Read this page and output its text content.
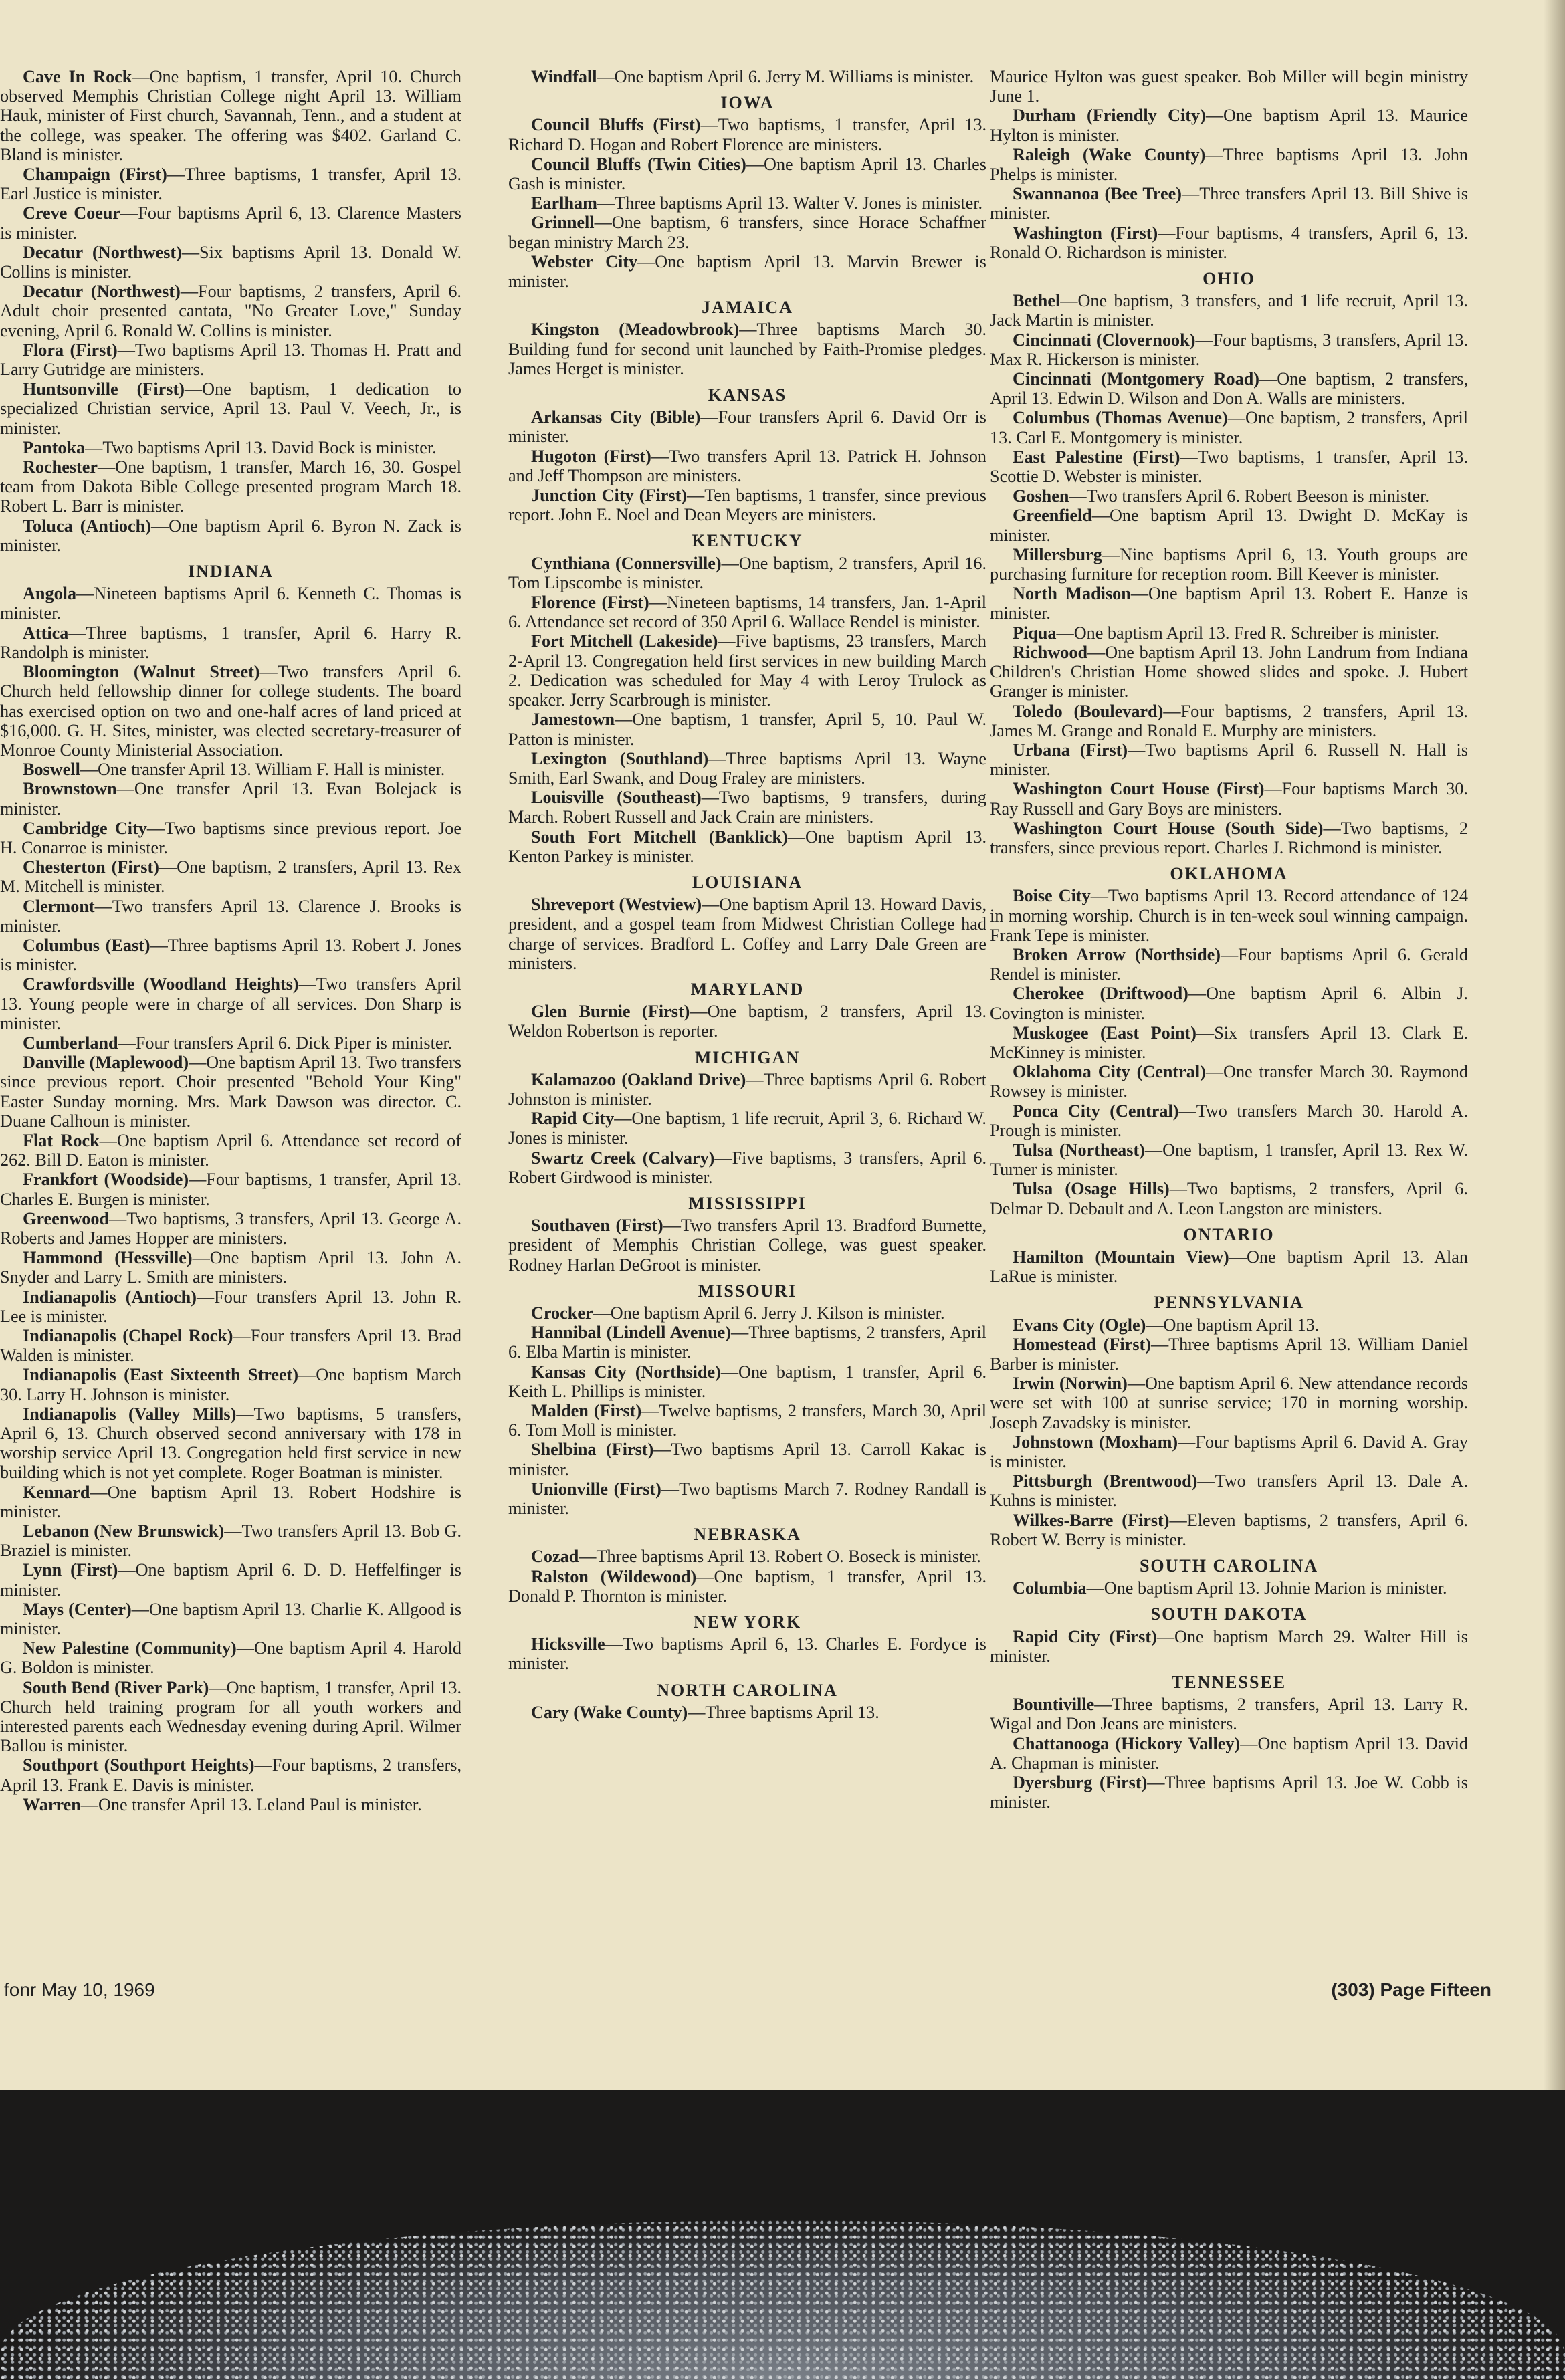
Cave In Rock—One baptism, 1 transfer, April 10. Church observed Memphis Christian College night April 13. William Hauk, minister of First church, Savannah, Tenn., and a student at the college, was speaker. The offering was $402. Garland C. Bland is minister.

Champaign (First)—Three baptisms, 1 transfer, April 13. Earl Justice is minister.

Creve Coeur—Four baptisms April 6, 13. Clarence Masters is minister.

Decatur (Northwest)—Six baptisms April 13. Donald W. Collins is minister.

Decatur (Northwest)—Four baptisms, 2 transfers, April 6. Adult choir presented cantata, "No Greater Love," Sunday evening, April 6. Ronald W. Collins is minister.

Flora (First)—Two baptisms April 13. Thomas H. Pratt and Larry Gutridge are ministers.

Huntsonville (First)—One baptism, 1 dedication to specialized Christian service, April 13. Paul V. Veech, Jr., is minister.

Pantoka—Two baptisms April 13. David Bock is minister.

Rochester—One baptism, 1 transfer, March 16, 30. Gospel team from Dakota Bible College presented program March 18. Robert L. Barr is minister.

Toluca (Antioch)—One baptism April 6. Byron N. Zack is minister.

INDIANA

Angola—Nineteen baptisms April 6. Kenneth C. Thomas is minister.

Attica—Three baptisms, 1 transfer, April 6. Harry R. Randolph is minister.

Bloomington (Walnut Street)—Two transfers April 6. Church held fellowship dinner for college students. The board has exercised option on two and one-half acres of land priced at $16,000. G. H. Sites, minister, was elected secretary-treasurer of Monroe County Ministerial Association.

Boswell—One transfer April 13. William F. Hall is minister.

Brownstown—One transfer April 13. Evan Bolejack is minister.

Cambridge City—Two baptisms since previous report. Joe H. Conarroe is minister.

Chesterton (First)—One baptism, 2 transfers, April 13. Rex M. Mitchell is minister.

Clermont—Two transfers April 13. Clarence J. Brooks is minister.

Columbus (East)—Three baptisms April 13. Robert J. Jones is minister.

Crawfordsville (Woodland Heights)—Two transfers April 13. Young people were in charge of all services. Don Sharp is minister.

Cumberland—Four transfers April 6. Dick Piper is minister.

Danville (Maplewood)—One baptism April 13. Two transfers since previous report. Choir presented "Behold Your King" Easter Sunday morning. Mrs. Mark Dawson was director. C. Duane Calhoun is minister.

Flat Rock—One baptism April 6. Attendance set record of 262. Bill D. Eaton is minister.

Frankfort (Woodside)—Four baptisms, 1 transfer, April 13. Charles E. Burgen is minister.

Greenwood—Two baptisms, 3 transfers, April 13. George A. Roberts and James Hopper are ministers.

Hammond (Hessville)—One baptism April 13. John A. Snyder and Larry L. Smith are ministers.

Indianapolis (Antioch)—Four transfers April 13. John R. Lee is minister.

Indianapolis (Chapel Rock)—Four transfers April 13. Brad Walden is minister.

Indianapolis (East Sixteenth Street)—One baptism March 30. Larry H. Johnson is minister.

Indianapolis (Valley Mills)—Two baptisms, 5 transfers, April 6, 13. Church observed second anniversary with 178 in worship service April 13. Congregation held first service in new building which is not yet complete. Roger Boatman is minister.

Kennard—One baptism April 13. Robert Hodshire is minister.

Lebanon (New Brunswick)—Two transfers April 13. Bob G. Braziel is minister.

Lynn (First)—One baptism April 6. D. D. Heffelfinger is minister.

Mays (Center)—One baptism April 13. Charlie K. Allgood is minister.

New Palestine (Community)—One baptism April 4. Harold G. Boldon is minister.

South Bend (River Park)—One baptism, 1 transfer, April 13. Church held training program for all youth workers and interested parents each Wednesday evening during April. Wilmer Ballou is minister.

Southport (Southport Heights)—Four baptisms, 2 transfers, April 13. Frank E. Davis is minister.

Warren—One transfer April 13. Leland Paul is minister.

Windfall—One baptism April 6. Jerry M. Williams is minister.

IOWA

Council Bluffs (First)—Two baptisms, 1 transfer, April 13. Richard D. Hogan and Robert Florence are ministers.

Council Bluffs (Twin Cities)—One baptism April 13. Charles Gash is minister.

Earlham—Three baptisms April 13. Walter V. Jones is minister.

Grinnell—One baptism, 6 transfers, since Horace Schaffner began ministry March 23.

Webster City—One baptism April 13. Marvin Brewer is minister.

JAMAICA

Kingston (Meadowbrook)—Three baptisms March 30. Building fund for second unit launched by Faith-Promise pledges. James Herget is minister.

KANSAS

Arkansas City (Bible)—Four transfers April 6. David Orr is minister.

Hugoton (First)—Two transfers April 13. Patrick H. Johnson and Jeff Thompson are ministers.

Junction City (First)—Ten baptisms, 1 transfer, since previous report. John E. Noel and Dean Meyers are ministers.

KENTUCKY

Cynthiana (Connersville)—One baptism, 2 transfers, April 16. Tom Lipscombe is minister.

Florence (First)—Nineteen baptisms, 14 transfers, Jan. 1-April 6. Attendance set record of 350 April 6. Wallace Rendel is minister.

Fort Mitchell (Lakeside)—Five baptisms, 23 transfers, March 2-April 13. Congregation held first services in new building March 2. Dedication was scheduled for May 4 with Leroy Trulock as speaker. Jerry Scarbrough is minister.

Jamestown—One baptism, 1 transfer, April 5, 10. Paul W. Patton is minister.

Lexington (Southland)—Three baptisms April 13. Wayne Smith, Earl Swank, and Doug Fraley are ministers.

Louisville (Southeast)—Two baptisms, 9 transfers, during March. Robert Russell and Jack Crain are ministers.

South Fort Mitchell (Banklick)—One baptism April 13. Kenton Parkey is minister.

LOUISIANA

Shreveport (Westview)—One baptism April 13. Howard Davis, president, and a gospel team from Midwest Christian College had charge of services. Bradford L. Coffey and Larry Dale Green are ministers.

MARYLAND

Glen Burnie (First)—One baptism, 2 transfers, April 13. Weldon Robertson is reporter.

MICHIGAN

Kalamazoo (Oakland Drive)—Three baptisms April 6. Robert Johnston is minister.

Rapid City—One baptism, 1 life recruit, April 3, 6. Richard W. Jones is minister.

Swartz Creek (Calvary)—Five baptisms, 3 transfers, April 6. Robert Girdwood is minister.

MISSISSIPPI

Southaven (First)—Two transfers April 13. Bradford Burnette, president of Memphis Christian College, was guest speaker. Rodney Harlan DeGroot is minister.

MISSOURI

Crocker—One baptism April 6. Jerry J. Kilson is minister.

Hannibal (Lindell Avenue)—Three baptisms, 2 transfers, April 6. Elba Martin is minister.

Kansas City (Northside)—One baptism, 1 transfer, April 6. Keith L. Phillips is minister.

Malden (First)—Twelve baptisms, 2 transfers, March 30, April 6. Tom Moll is minister.

Shelbina (First)—Two baptisms April 13. Carroll Kakac is minister.

Unionville (First)—Two baptisms March 7. Rodney Randall is minister.

NEBRASKA

Cozad—Three baptisms April 13. Robert O. Boseck is minister.

Ralston (Wildewood)—One baptism, 1 transfer, April 13. Donald P. Thornton is minister.

NEW YORK

Hicksville—Two baptisms April 6, 13. Charles E. Fordyce is minister.

NORTH CAROLINA

Cary (Wake County)—Three baptisms April 13.

Maurice Hylton was guest speaker. Bob Miller will begin ministry June 1.

Durham (Friendly City)—One baptism April 13. Maurice Hylton is minister.

Raleigh (Wake County)—Three baptisms April 13. John Phelps is minister.

Swannanoa (Bee Tree)—Three transfers April 13. Bill Shive is minister.

Washington (First)—Four baptisms, 4 transfers, April 6, 13. Ronald O. Richardson is minister.

OHIO

Bethel—One baptism, 3 transfers, and 1 life recruit, April 13. Jack Martin is minister.

Cincinnati (Clovernook)—Four baptisms, 3 transfers, April 13. Max R. Hickerson is minister.

Cincinnati (Montgomery Road)—One baptism, 2 transfers, April 13. Edwin D. Wilson and Don A. Walls are ministers.

Columbus (Thomas Avenue)—One baptism, 2 transfers, April 13. Carl E. Montgomery is minister.

East Palestine (First)—Two baptisms, 1 transfer, April 13. Scottie D. Webster is minister.

Goshen—Two transfers April 6. Robert Beeson is minister.

Greenfield—One baptism April 13. Dwight D. McKay is minister.

Millersburg—Nine baptisms April 6, 13. Youth groups are purchasing furniture for reception room. Bill Keever is minister.

North Madison—One baptism April 13. Robert E. Hanze is minister.

Piqua—One baptism April 13. Fred R. Schreiber is minister.

Richwood—One baptism April 13. John Landrum from Indiana Children's Christian Home showed slides and spoke. J. Hubert Granger is minister.

Toledo (Boulevard)—Four baptisms, 2 transfers, April 13. James M. Grange and Ronald E. Murphy are ministers.

Urbana (First)—Two baptisms April 6. Russell N. Hall is minister.

Washington Court House (First)—Four baptisms March 30. Ray Russell and Gary Boys are ministers.

Washington Court House (South Side)—Two baptisms, 2 transfers, since previous report. Charles J. Richmond is minister.

OKLAHOMA

Boise City—Two baptisms April 13. Record attendance of 124 in morning worship. Church is in ten-week soul winning campaign. Frank Tepe is minister.

Broken Arrow (Northside)—Four baptisms April 6. Gerald Rendel is minister.

Cherokee (Driftwood)—One baptism April 6. Albin J. Covington is minister.

Muskogee (East Point)—Six transfers April 13. Clark E. McKinney is minister.

Oklahoma City (Central)—One transfer March 30. Raymond Rowsey is minister.

Ponca City (Central)—Two transfers March 30. Harold A. Prough is minister.

Tulsa (Northeast)—One baptism, 1 transfer, April 13. Rex W. Turner is minister.

Tulsa (Osage Hills)—Two baptisms, 2 transfers, April 6. Delmar D. Debault and A. Leon Langston are ministers.

ONTARIO

Hamilton (Mountain View)—One baptism April 13. Alan LaRue is minister.

PENNSYLVANIA

Evans City (Ogle)—One baptism April 13.

Homestead (First)—Three baptisms April 13. William Daniel Barber is minister.

Irwin (Norwin)—One baptism April 6. New attendance records were set with 100 at sunrise service; 170 in morning worship. Joseph Zavadsky is minister.

Johnstown (Moxham)—Four baptisms April 6. David A. Gray is minister.

Pittsburgh (Brentwood)—Two transfers April 13. Dale A. Kuhns is minister.

Wilkes-Barre (First)—Eleven baptisms, 2 transfers, April 6. Robert W. Berry is minister.

SOUTH CAROLINA

Columbia—One baptism April 13. Johnie Marion is minister.

SOUTH DAKOTA

Rapid City (First)—One baptism March 29. Walter Hill is minister.

TENNESSEE

Bountiville—Three baptisms, 2 transfers, April 13. Larry R. Wigal and Don Jeans are ministers.

Chattanooga (Hickory Valley)—One baptism April 13. David A. Chapman is minister.

Dyersburg (First)—Three baptisms April 13. Joe W. Cobb is minister.

fonr May 10, 1969	(303) Page Fifteen
